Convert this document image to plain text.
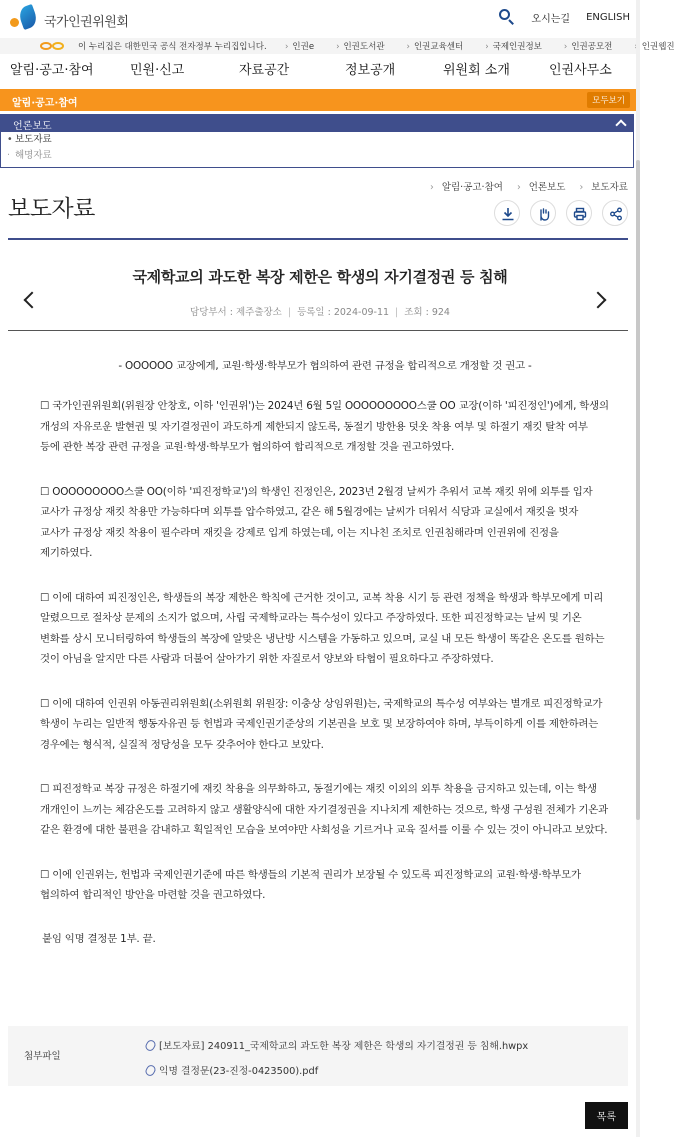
국가인권위원회	오시는길 ENGLISH
이 누리집은 대한민국 공식 전자정부 누리집입니다.	› 인권e	› 인권도서관	› 인권교육센터	› 국제인권정보	› 인권공모전	› 인권웹진
알림·공고·참여	민원·신고	자료공간	정보공개	위원회 소개	인권사무소
알림·공고·참여	모두보기
언론보도
• 보도자료
· 해명자료
› 알림·공고·참여	› 언론보도	› 보도자료
보도자료
국제학교의 과도한 복장 제한은 학생의 자기결정권 등 침해
담당부서 : 제주출장소 | 등록일 : 2024-09-11 | 조회 : 924
- OOOOOO 교장에게, 교원·학생·학부모가 협의하여 관련 규정을 합리적으로 개정할 것 권고 -

☐ 국가인권위원회(위원장 안창호, 이하 '인권위')는 2024년 6월 5일 OOOOOOOOO스쿨 OO 교장(이하 '피진정인')에게, 학생의 개성의 자유로운 발현권 및 자기결정권이 과도하게 제한되지 않도록, 동절기 방한용 덧옷 착용 여부 및 하절기 재킷 탈착 여부 등에 관한 복장 관련 규정을 교원·학생·학부모가 협의하여 합리적으로 개정할 것을 권고하였다.

☐ OOOOOOOOO스쿨 OO(이하 '피진정학교')의 학생인 진정인은, 2023년 2월경 날씨가 추워서 교복 재킷 위에 외투를 입자 교사가 규정상 재킷 착용만 가능하다며 외투를 압수하였고, 같은 해 5월경에는 날씨가 더워서 식당과 교실에서 재킷을 벗자 교사가 규정상 재킷 착용이 필수라며 재킷을 강제로 입게 하였는데, 이는 지나친 조치로 인권침해라며 인권위에 진정을 제기하였다.

☐ 이에 대하여 피진정인은, 학생들의 복장 제한은 학칙에 근거한 것이고, 교복 착용 시기 등 관련 정책을 학생과 학부모에게 미리 알렸으므로 절차상 문제의 소지가 없으며, 사립 국제학교라는 특수성이 있다고 주장하였다. 또한 피진정학교는 날씨 및 기온 변화를 상시 모니터링하여 학생들의 복장에 알맞은 냉난방 시스템을 가동하고 있으며, 교실 내 모든 학생이 똑같은 온도를 원하는 것이 아님을 알지만 다른 사람과 더불어 살아가기 위한 자질로서 양보와 타협이 필요하다고 주장하였다.

☐ 이에 대하여 인권위 아동권리위원회(소위원회 위원장: 이충상 상임위원)는, 국제학교의 특수성 여부와는 별개로 피진정학교가 학생이 누리는 일반적 행동자유권 등 헌법과 국제인권기준상의 기본권을 보호 및 보장하여야 하며, 부득이하게 이를 제한하려는 경우에는 형식적, 실질적 정당성을 모두 갖추어야 한다고 보았다.

☐ 피진정학교 복장 규정은 하절기에 재킷 착용을 의무화하고, 동절기에는 재킷 이외의 외투 착용을 금지하고 있는데, 이는 학생 개개인이 느끼는 체감온도를 고려하지 않고 생활양식에 대한 자기결정권을 지나치게 제한하는 것으로, 학생 구성원 전체가 기온과 같은 환경에 대한 불편을 감내하고 획일적인 모습을 보여야만 사회성을 기르거나 교육 질서를 이룰 수 있는 것이 아니라고 보았다.

☐ 이에 인권위는, 헌법과 국제인권기준에 따른 학생들의 기본적 권리가 보장될 수 있도록 피진정학교의 교원·학생·학부모가 협의하여 합리적인 방안을 마련할 것을 권고하였다.

붙임 익명 결정문 1부. 끝.
첨부파일
[보도자료] 240911_국제학교의 과도한 복장 제한은 학생의 자기결정권 등 침해.hwpx
익명 결정문(23-진정-0423500).pdf
목록
